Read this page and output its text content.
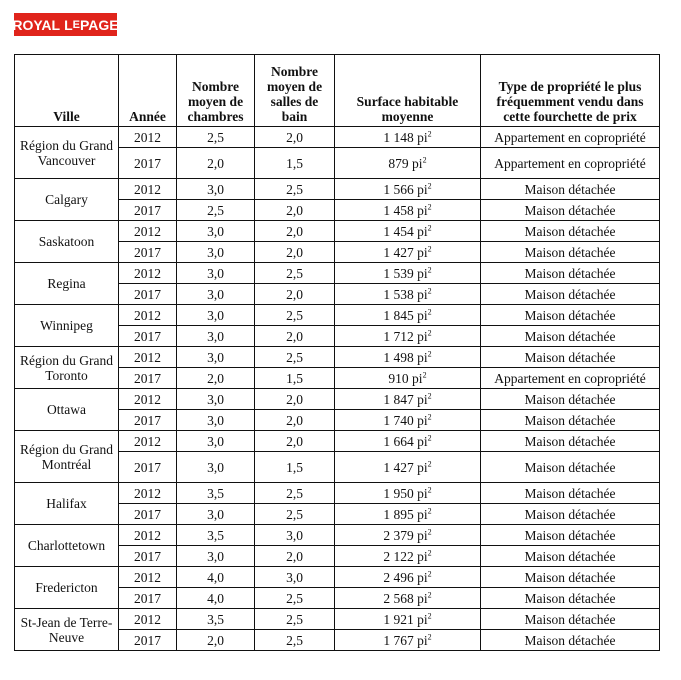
ROYAL L E PAGE
Ville	Année	Nombre moyen de chambres	Nombre moyen de salles de bain	Surface habitable moyenne	Type de propriété le plus fréquemment vendu dans cette fourchette de prix
Région du Grand Vancouver	2012	2,5	2,0	1 148 $pi^2$	Appartement en copropriété
	2017	2,0	1,5	879 $pi^2$	Appartement en copropriété
Calgary	2012	3,0	2,5	1 566 $pi^2$	Maison détachée
	2017	2,5	2,0	1 458 $pi^2$	Maison détachée
Saskatoon	2012	3,0	2,0	1 454 $pi^2$	Maison détachée
	2017	3,0	2,0	1 427 $pi^2$	Maison détachée
Regina	2012	3,0	2,5	1 539 $pi^2$	Maison détachée
	2017	3,0	2,0	1 538 $pi^2$	Maison détachée
Winnipeg	2012	3,0	2,5	1 845 $pi^2$	Maison détachée
	2017	3,0	2,0	1 712 $pi^2$	Maison détachée
Région du Grand Toronto	2012	3,0	2,5	1 498 $pi^2$	Maison détachée
	2017	2,0	1,5	910 $pi^2$	Appartement en copropriété
Ottawa	2012	3,0	2,0	1 847 $pi^2$	Maison détachée
	2017	3,0	2,0	1 740 $pi^2$	Maison détachée
Région du Grand Montréal	2012	3,0	2,0	1 664 $pi^2$	Maison détachée
	2017	3,0	1,5	1 427 $pi^2$	Maison détachée
Halifax	2012	3,5	2,5	1 950 $pi^2$	Maison détachée
	2017	3,0	2,5	1 895 $pi^2$	Maison détachée
Charlottetown	2012	3,5	3,0	2 379 $pi^2$	Maison détachée
	2017	3,0	2,0	2 122 $pi^2$	Maison détachée
Fredericton	2012	4,0	3,0	2 496 $pi^2$	Maison détachée
	2017	4,0	2,5	2 568 $pi^2$	Maison détachée
St-Jean de Terre-Neuve	2012	3,5	2,5	1 921 $pi^2$	Maison détachée
	2017	2,0	2,5	1 767 $pi^2$	Maison détachée
